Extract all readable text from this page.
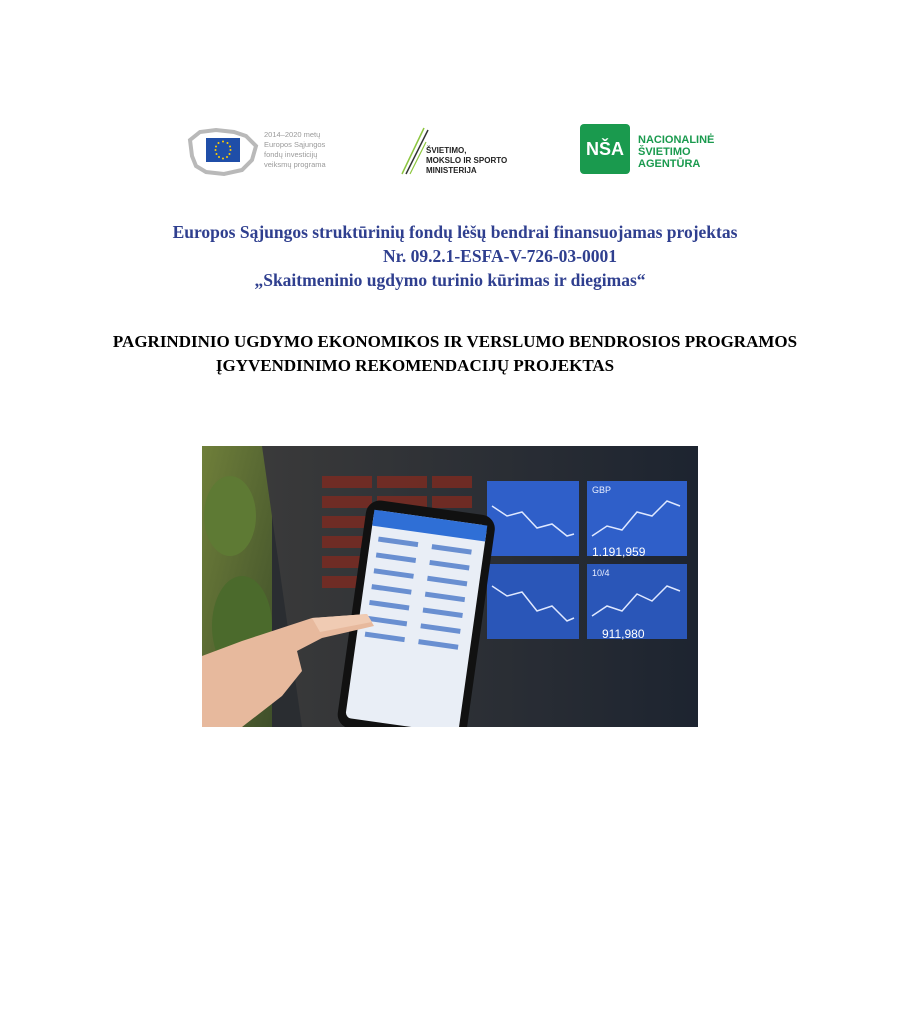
2014–2020 metų
Europos Sąjungos
fondų investicijų
veiksmų programa
ŠVIETIMO,
MOKSLO IR SPORTO
MINISTERIJA
NŠA	NACIONALINĖ
ŠVIETIMO
AGENTŪRA
Europos Sąjungos struktūrinių fondų lėšų bendrai finansuojamas projektas
Nr. 09.2.1-ESFA-V-726-03-0001
„Skaitmeninio ugdymo turinio kūrimas ir diegimas“
PAGRINDINIO UGDYMO EKONOMIKOS IR VERSLUMO BENDROSIOS PROGRAMOS
ĮGYVENDINIMO REKOMENDACIJŲ PROJEKTAS
GBP
1.191,959
10/4
911,980
